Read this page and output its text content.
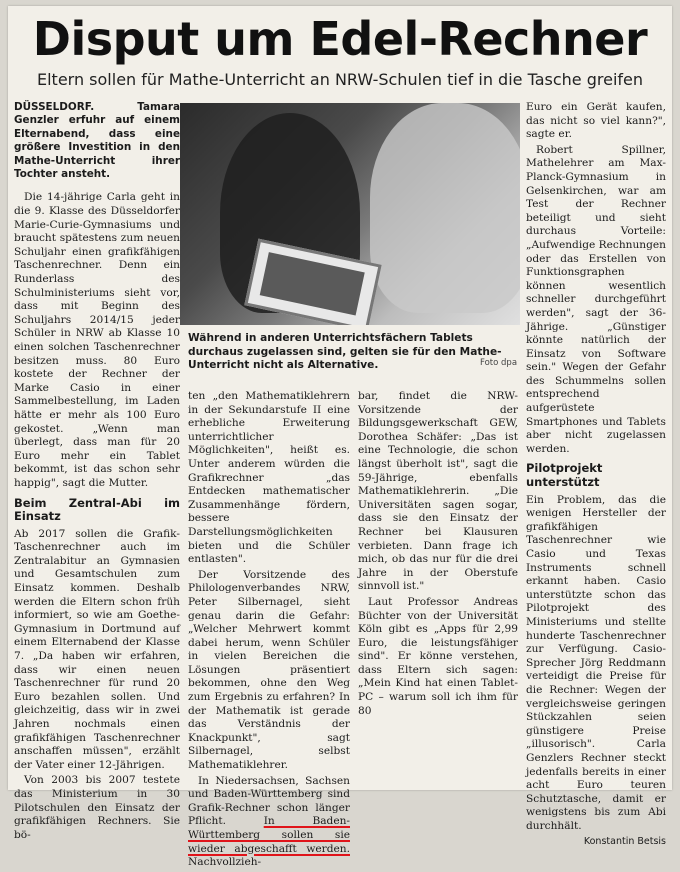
Disput um Edel-Rechner
Eltern sollen für Mathe-Unterricht an NRW-Schulen tief in die Tasche greifen
DÜSSELDORF. Tamara Genzler erfuhr auf einem Elternabend, dass eine größere Investition in den Mathe-Unterricht ihrer Tochter ansteht.

Die 14-jährige Carla geht in die 9. Klasse des Düsseldorfer Marie-Curie-Gymnasiums und braucht spätestens zum neuen Schuljahr einen grafikfähigen Taschenrechner. Denn ein Runderlass des Schulministeriums sieht vor, dass mit Beginn des Schuljahrs 2014/15 jeder Schüler in NRW ab Klasse 10 einen solchen Taschenrechner besitzen muss. 80 Euro kostete der Rechner der Marke Casio in einer Sammelbestellung, im Laden hätte er mehr als 100 Euro gekostet. „Wenn man überlegt, dass man für 20 Euro mehr ein Tablet bekommt, ist das schon sehr happig", sagt die Mutter.

Beim Zentral-Abi im Einsatz

Ab 2017 sollen die Grafik-Taschenrechner auch im Zentralabitur an Gymnasien und Gesamtschulen zum Einsatz kommen. Deshalb werden die Eltern schon früh informiert, so wie am Goethe-Gymnasium in Dortmund auf einem Elternabend der Klasse 7. „Da haben wir erfahren, dass wir einen neuen Taschenrechner für rund 20 Euro bezahlen sollen. Und gleichzeitig, dass wir in zwei Jahren nochmals einen grafikfähigen Taschenrechner anschaffen müssen", erzählt der Vater einer 12-Jährigen.

Von 2003 bis 2007 testete das Ministerium in 30 Pilotschulen den Einsatz der grafikfähigen Rechners. Sie bö-

Während in anderen Unterrichtsfächern Tablets durchaus zugelassen sind, gelten sie für den Mathe-Unterricht nicht als Alternative.	Foto dpa

ten „den Mathematiklehrern in der Sekundarstufe II eine erhebliche Erweiterung unterrichtlicher Möglichkeiten", heißt es. Unter anderem würden die Grafikrechner „das Entdecken mathematischer Zusammenhänge fördern, bessere Darstellungsmöglichkeiten bieten und die Schüler entlasten".

Der Vorsitzende des Philologenverbandes NRW, Peter Silbernagel, sieht genau darin die Gefahr: „Welcher Mehrwert kommt dabei herum, wenn Schüler in vielen Bereichen die Lösungen präsentiert bekommen, ohne den Weg zum Ergebnis zu erfahren? In der Mathematik ist gerade das Verständnis der Knackpunkt", sagt Silbernagel, selbst Mathematiklehrer.

In Niedersachsen, Sachsen und Baden-Württemberg sind Grafik-Rechner schon länger Pflicht.	In Baden-Württemberg sollen sie wieder abgeschafft werden. Nachvollzieh-

bar, findet die NRW-Vorsitzende der Bildungsgewerkschaft GEW, Dorothea Schäfer: „Das ist eine Technologie, die schon längst überholt ist", sagt die 59-Jährige, ebenfalls Mathematiklehrerin. „Die Universitäten sagen sogar, dass sie den Einsatz der Rechner bei Klausuren verbieten. Dann frage ich mich, ob das nur für die drei Jahre in der Oberstufe sinnvoll ist."

Laut Professor Andreas Büchter von der Universität Köln gibt es „Apps für 2,99 Euro, die leistungsfähiger sind". Er könne verstehen, dass Eltern sich sagen: „Mein Kind hat einen Tablet-PC – warum soll ich ihm für 80

Euro ein Gerät kaufen, das nicht so viel kann?", sagte er.

Robert Spillner, Mathelehrer am Max-Planck-Gymnasium in Gelsenkirchen, war am Test der Rechner beteiligt und sieht durchaus Vorteile: „Aufwendige Rechnungen oder das Erstellen von Funktionsgraphen können wesentlich schneller durchgeführt werden", sagt der 36-Jährige. „Günstiger könnte natürlich der Einsatz von Software sein." Wegen der Gefahr des Schummelns sollen entsprechend aufgerüstete Smartphones und Tablets aber nicht zugelassen werden.

Pilotprojekt unterstützt

Ein Problem, das die wenigen Hersteller der grafikfähigen Taschenrechner wie Casio und Texas Instruments schnell erkannt haben. Casio unterstützte schon das Pilotprojekt des Ministeriums und stellte hunderte Taschenrechner zur Verfügung. Casio-Sprecher Jörg Reddmann verteidigt die Preise für die Rechner: Wegen der vergleichsweise geringen Stückzahlen seien günstigere Preise „illusorisch". Carla Genzlers Rechner steckt jedenfalls bereits in einer acht Euro teuren Schutztasche, damit er wenigstens bis zum Abi durchhält.

Konstantin Betsis
